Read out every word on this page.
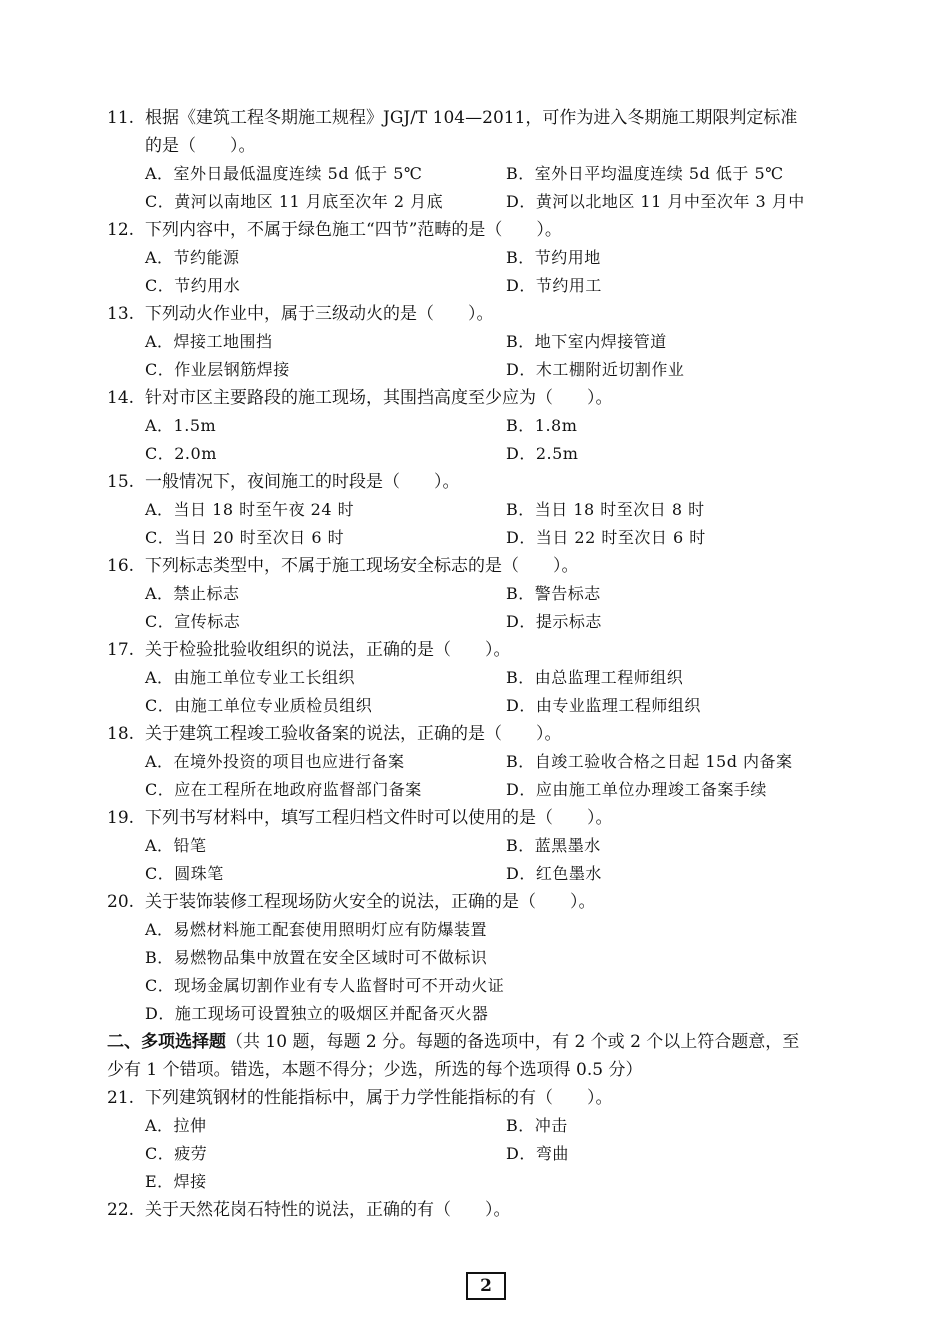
11. 根据《建筑工程冬期施工规程》JGJ/T 104—2011，可作为进入冬期施工期限判定标准
的是（　　）。
A．室外日最低温度连续 5d 低于 5℃	B．室外日平均温度连续 5d 低于 5℃
C．黄河以南地区 11 月底至次年 2 月底	D．黄河以北地区 11 月中至次年 3 月中
12. 下列内容中，不属于绿色施工“四节”范畴的是（　　）。
A．节约能源	B．节约用地
C．节约用水	D．节约用工
13. 下列动火作业中，属于三级动火的是（　　）。
A．焊接工地围挡	B．地下室内焊接管道
C．作业层钢筋焊接	D．木工棚附近切割作业
14. 针对市区主要路段的施工现场，其围挡高度至少应为（　　）。
A．1.5m	B．1.8m
C．2.0m	D．2.5m
15. 一般情况下，夜间施工的时段是（　　）。
A．当日 18 时至午夜 24 时	B．当日 18 时至次日 8 时
C．当日 20 时至次日 6 时	D．当日 22 时至次日 6 时
16. 下列标志类型中，不属于施工现场安全标志的是（　　）。
A．禁止标志	B．警告标志
C．宣传标志	D．提示标志
17. 关于检验批验收组织的说法，正确的是（　　）。
A．由施工单位专业工长组织	B．由总监理工程师组织
C．由施工单位专业质检员组织	D．由专业监理工程师组织
18. 关于建筑工程竣工验收备案的说法，正确的是（　　）。
A．在境外投资的项目也应进行备案	B．自竣工验收合格之日起 15d 内备案
C．应在工程所在地政府监督部门备案	D．应由施工单位办理竣工备案手续
19. 下列书写材料中，填写工程归档文件时可以使用的是（　　）。
A．铅笔	B．蓝黑墨水
C．圆珠笔	D．红色墨水
20. 关于装饰装修工程现场防火安全的说法，正确的是（　　）。
A．易燃材料施工配套使用照明灯应有防爆装置
B．易燃物品集中放置在安全区域时可不做标识
C．现场金属切割作业有专人监督时可不开动火证
D．施工现场可设置独立的吸烟区并配备灭火器
二、多项选择题（共 10 题，每题 2 分。每题的备选项中，有 2 个或 2 个以上符合题意，至
少有 1 个错项。错选，本题不得分；少选，所选的每个选项得 0.5 分）
21. 下列建筑钢材的性能指标中，属于力学性能指标的有（　　）。
A．拉伸	B．冲击
C．疲劳	D．弯曲
E．焊接
22. 关于天然花岗石特性的说法，正确的有（　　）。
2
